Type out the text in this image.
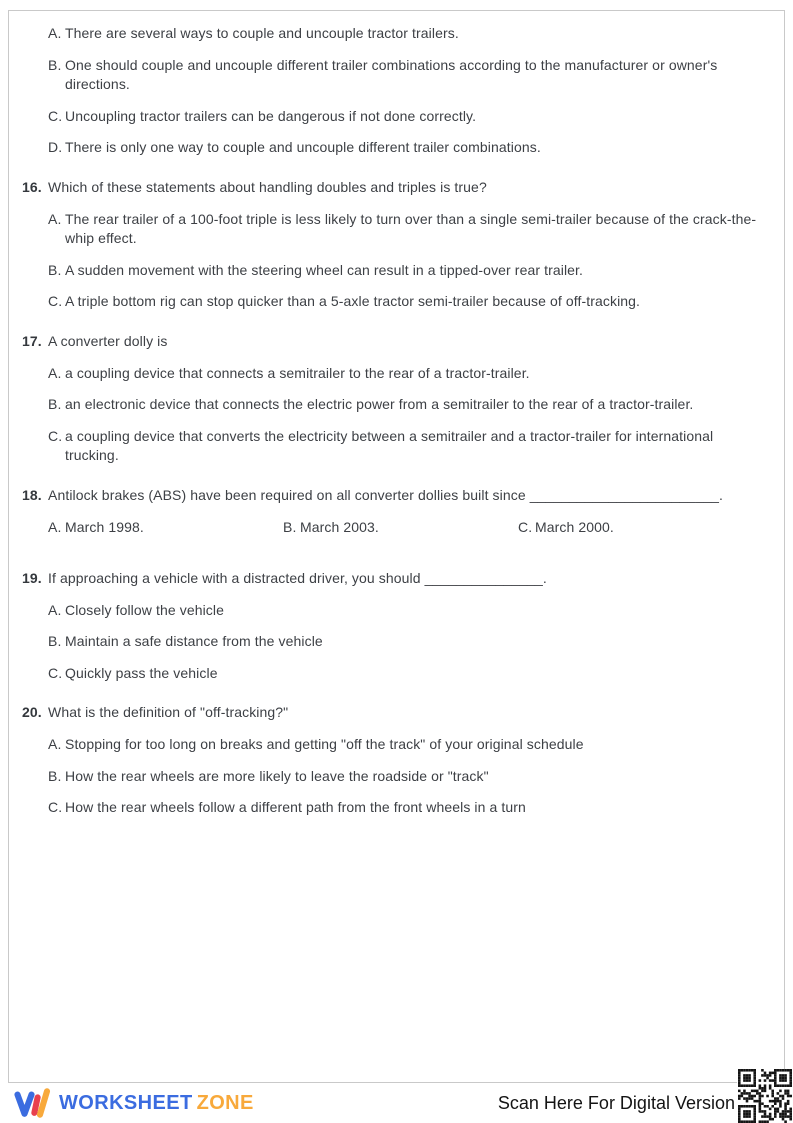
A. There are several ways to couple and uncouple tractor trailers.
B. One should couple and uncouple different trailer combinations according to the manufacturer or owner's directions.
C. Uncoupling tractor trailers can be dangerous if not done correctly.
D. There is only one way to couple and uncouple different trailer combinations.
16. Which of these statements about handling doubles and triples is true?
A. The rear trailer of a 100-foot triple is less likely to turn over than a single semi-trailer because of the crack-the-whip effect.
B. A sudden movement with the steering wheel can result in a tipped-over rear trailer.
C. A triple bottom rig can stop quicker than a 5-axle tractor semi-trailer because of off-tracking.
17. A converter dolly is
A. a coupling device that connects a semitrailer to the rear of a tractor-trailer.
B. an electronic device that connects the electric power from a semitrailer to the rear of a tractor-trailer.
C. a coupling device that converts the electricity between a semitrailer and a tractor-trailer for international trucking.
18. Antilock brakes (ABS) have been required on all converter dollies built since ________________________.
A. March 1998.	B. March 2003.	C. March 2000.
19. If approaching a vehicle with a distracted driver, you should _______________.
A. Closely follow the vehicle
B. Maintain a safe distance from the vehicle
C. Quickly pass the vehicle
20. What is the definition of "off-tracking?"
A. Stopping for too long on breaks and getting "off the track" of your original schedule
B. How the rear wheels are more likely to leave the roadside or "track"
C. How the rear wheels follow a different path from the front wheels in a turn
WORKSHEET ZONE	Scan Here For Digital Version
